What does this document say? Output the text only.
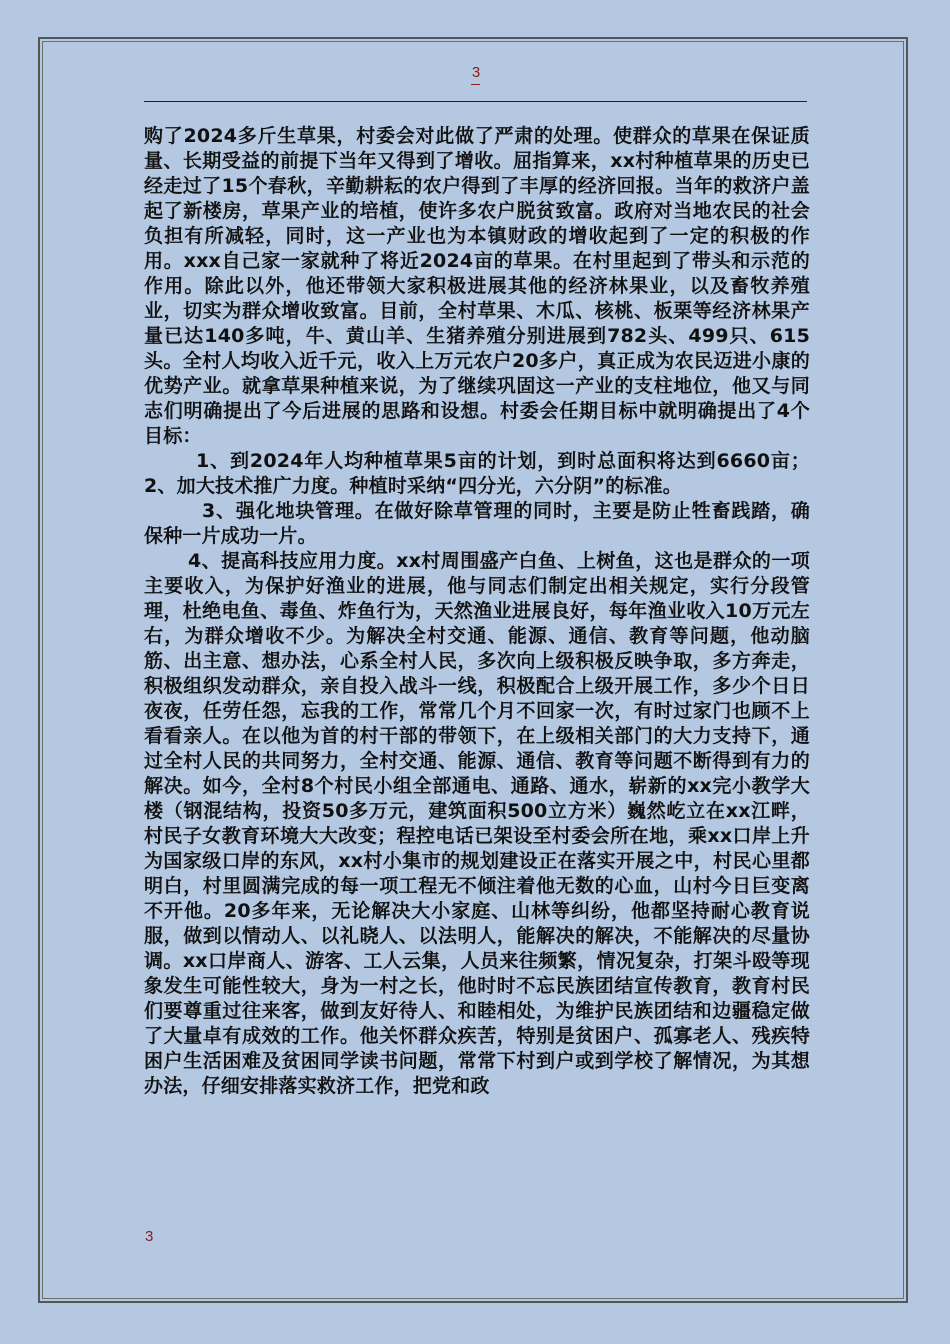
3

购了2024多斤生草果，村委会对此做了严肃的处理。使群众的草果在保证质量、长期受益的前提下当年又得到了增收。屈指算来，xx村种植草果的历史已经走过了15个春秋，辛勤耕耘的农户得到了丰厚的经济回报。当年的救济户盖起了新楼房，草果产业的培植，使许多农户脱贫致富。政府对当地农民的社会负担有所减轻，同时，这一产业也为本镇财政的增收起到了一定的积极的作用。xxx自己家一家就种了将近2024亩的草果。在村里起到了带头和示范的作用。除此以外，他还带领大家积极进展其他的经济林果业，以及畜牧养殖业，切实为群众增收致富。目前，全村草果、木瓜、核桃、板栗等经济林果产量已达140多吨，牛、黄山羊、生猪养殖分别进展到782头、499只、615头。全村人均收入近千元，收入上万元农户20多户，真正成为农民迈进小康的优势产业。就拿草果种植来说，为了继续巩固这一产业的支柱地位，他又与同志们明确提出了今后进展的思路和设想。村委会任期目标中就明确提出了4个目标：

1、到2024年人均种植草果5亩的计划，到时总面积将达到6660亩；2、加大技术推广力度。种植时采纳“四分光，六分阴”的标准。

3、强化地块管理。在做好除草管理的同时，主要是防止牲畜践踏，确保种一片成功一片。

4、提高科技应用力度。xx村周围盛产白鱼、上树鱼，这也是群众的一项主要收入，为保护好渔业的进展，他与同志们制定出相关规定，实行分段管理，杜绝电鱼、毒鱼、炸鱼行为，天然渔业进展良好，每年渔业收入10万元左右，为群众增收不少。为解决全村交通、能源、通信、教育等问题，他动脑筋、出主意、想办法，心系全村人民，多次向上级积极反映争取，多方奔走，积极组织发动群众，亲自投入战斗一线，积极配合上级开展工作，多少个日日夜夜，任劳任怨，忘我的工作，常常几个月不回家一次，有时过家门也顾不上看看亲人。在以他为首的村干部的带领下，在上级相关部门的大力支持下，通过全村人民的共同努力，全村交通、能源、通信、教育等问题不断得到有力的解决。如今，全村8个村民小组全部通电、通路、通水，崭新的xx完小教学大楼（钢混结构，投资50多万元，建筑面积500立方米）巍然屹立在xx江畔，村民子女教育环境大大改变；程控电话已架设至村委会所在地，乘xx口岸上升为国家级口岸的东风，xx村小集市的规划建设正在落实开展之中，村民心里都明白，村里圆满完成的每一项工程无不倾注着他无数的心血，山村今日巨变离不开他。20多年来，无论解决大小家庭、山林等纠纷，他都坚持耐心教育说服，做到以情动人、以礼晓人、以法明人，能解决的解决，不能解决的尽量协调。xx口岸商人、游客、工人云集，人员来往频繁，情况复杂，打架斗殴等现象发生可能性较大，身为一村之长，他时时不忘民族团结宣传教育，教育村民们要尊重过往来客，做到友好待人、和睦相处，为维护民族团结和边疆稳定做了大量卓有成效的工作。他关怀群众疾苦，特别是贫困户、孤寡老人、残疾特困户生活困难及贫困同学读书问题，常常下村到户或到学校了解情况，为其想办法，仔细安排落实救济工作，把党和政

3
